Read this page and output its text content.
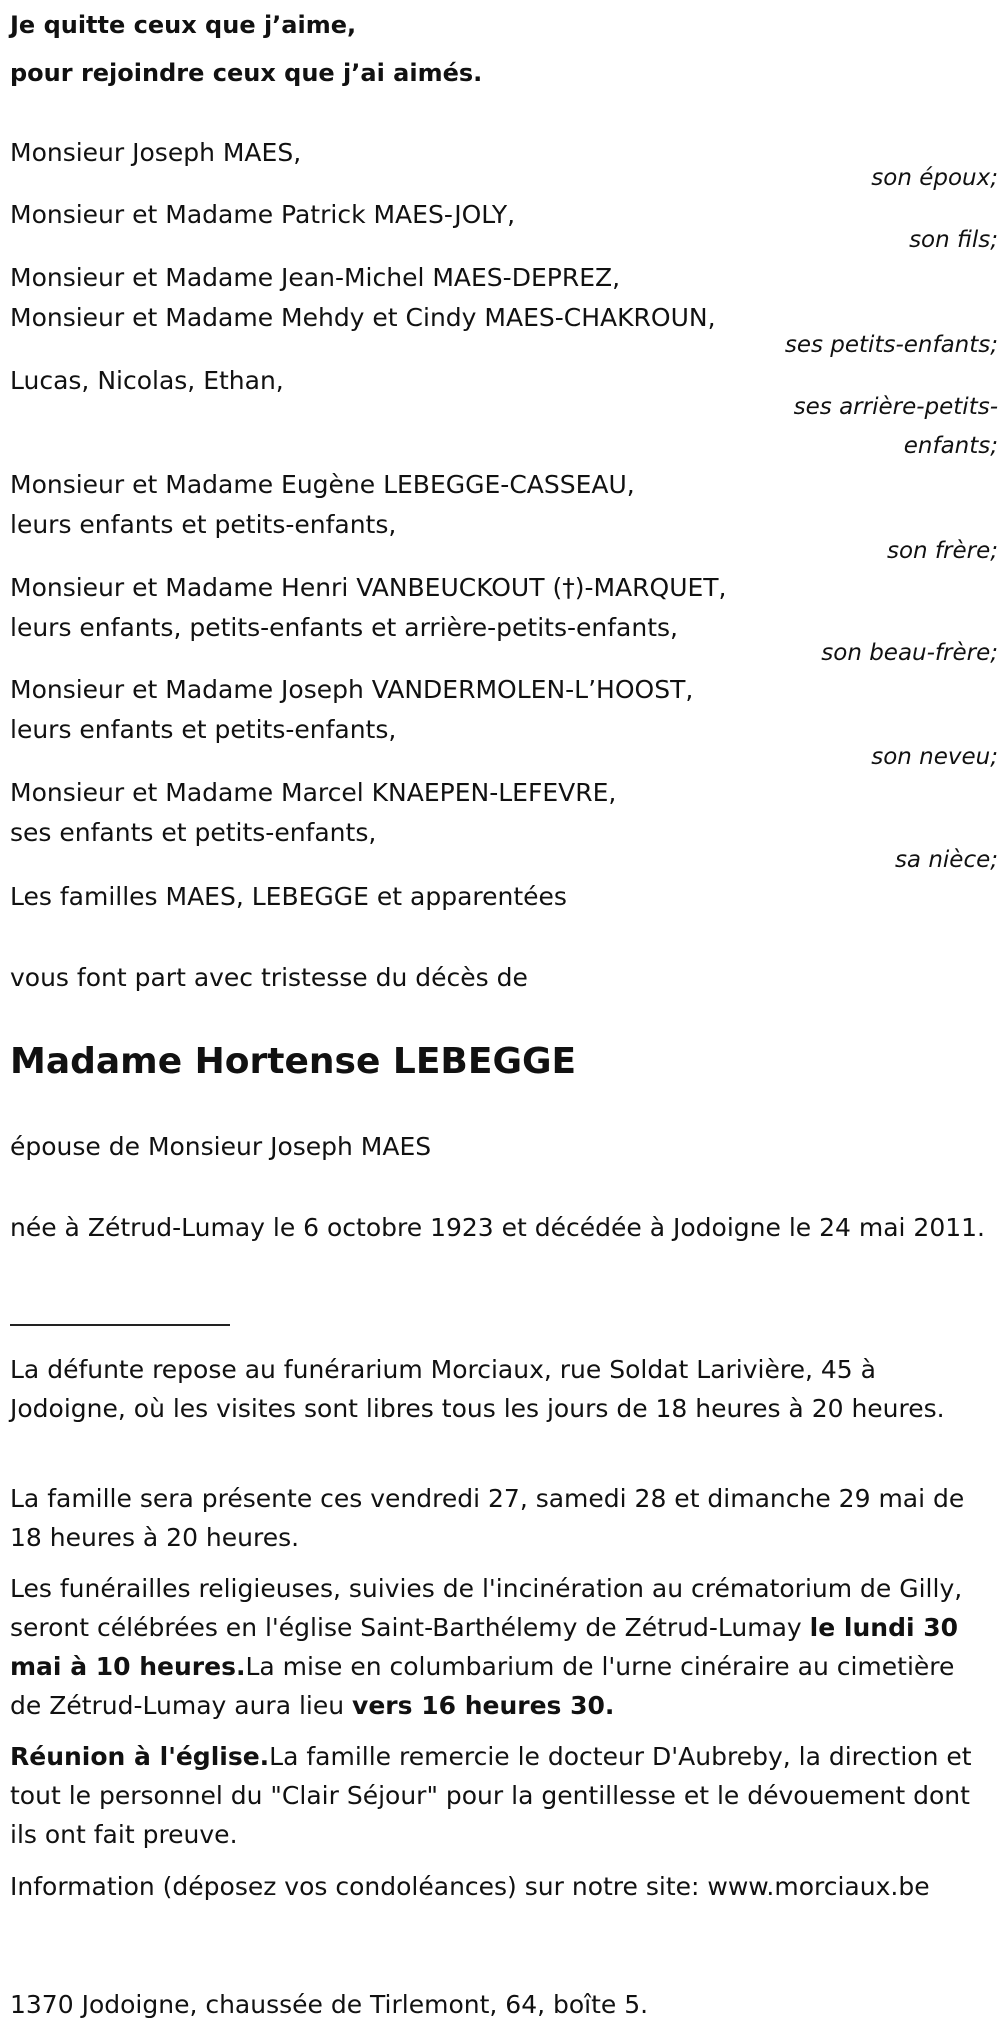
Je quitte ceux que j’aime,
pour rejoindre ceux que j’ai aimés.
Monsieur Joseph MAES,
son époux;
Monsieur et Madame Patrick MAES-JOLY,
son fils;
Monsieur et Madame Jean-Michel MAES-DEPREZ,
Monsieur et Madame Mehdy et Cindy MAES-CHAKROUN,
ses petits-enfants;
Lucas, Nicolas, Ethan,
ses arrière-petits-
enfants;
Monsieur et Madame Eugène LEBEGGE-CASSEAU,
leurs enfants et petits-enfants,
son frère;
Monsieur et Madame Henri VANBEUCKOUT (†)-MARQUET,
leurs enfants, petits-enfants et arrière-petits-enfants,
son beau-frère;
Monsieur et Madame Joseph VANDERMOLEN-L’HOOST,
leurs enfants et petits-enfants,
son neveu;
Monsieur et Madame Marcel KNAEPEN-LEFEVRE,
ses enfants et petits-enfants,
sa nièce;
Les familles MAES, LEBEGGE et apparentées
vous font part avec tristesse du décès de
Madame Hortense LEBEGGE
épouse de Monsieur Joseph MAES
née à Zétrud-Lumay le 6 octobre 1923 et décédée à Jodoigne le 24 mai 2011.
La défunte repose au funérarium Morciaux, rue Soldat Larivière, 45 à Jodoigne, où les visites sont libres tous les jours de 18 heures à 20 heures.
La famille sera présente ces vendredi 27, samedi 28 et dimanche 29 mai de 18 heures à 20 heures.
Les funérailles religieuses, suivies de l'incinération au crématorium de Gilly, seront célébrées en l'église Saint-Barthélemy de Zétrud-Lumay le lundi 30 mai à 10 heures.La mise en columbarium de l'urne cinéraire au cimetière de Zétrud-Lumay aura lieu vers 16 heures 30.
Réunion à l'église.La famille remercie le docteur D'Aubreby, la direction et tout le personnel du "Clair Séjour" pour la gentillesse et le dévouement dont ils ont fait preuve.
Information (déposez vos condoléances) sur notre site: www.morciaux.be
1370 Jodoigne, chaussée de Tirlemont, 64, boîte 5.
